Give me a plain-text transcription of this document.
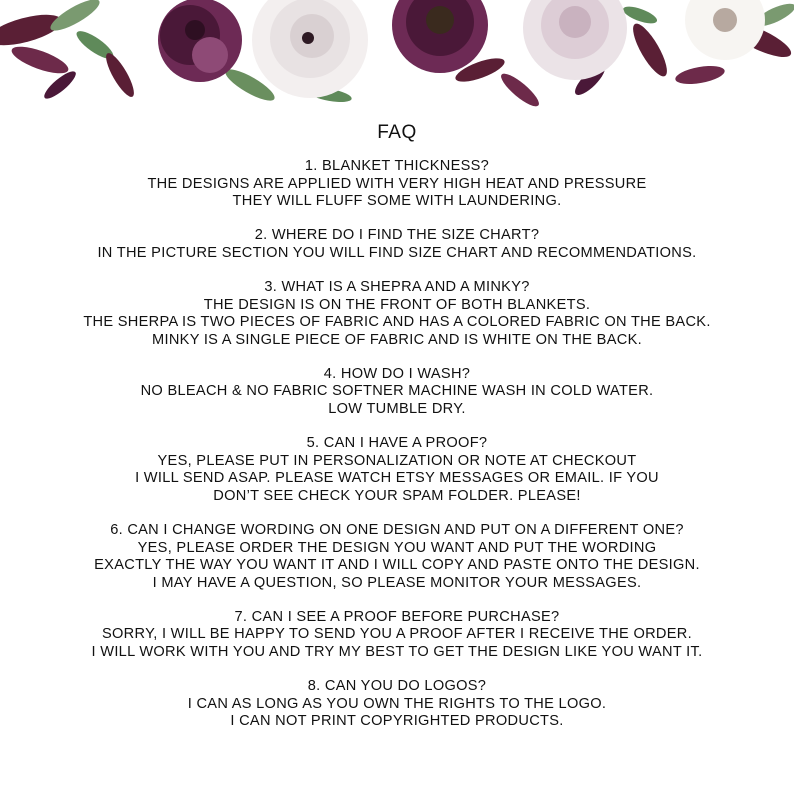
FAQ
1. BLANKET THICKNESS?
THE DESIGNS ARE APPLIED WITH VERY HIGH HEAT AND PRESSURE
THEY WILL FLUFF SOME WITH LAUNDERING.
2. WHERE DO I FIND THE SIZE CHART?
IN THE PICTURE SECTION YOU WILL FIND SIZE CHART AND RECOMMENDATIONS.
3. WHAT IS A SHEPRA AND A MINKY?
THE DESIGN IS ON THE FRONT OF BOTH BLANKETS.
THE SHERPA IS TWO PIECES OF FABRIC AND HAS A COLORED FABRIC ON THE BACK.
MINKY IS A SINGLE PIECE OF FABRIC AND IS WHITE ON THE BACK.
4. HOW DO I WASH?
NO BLEACH & NO FABRIC SOFTNER MACHINE WASH IN COLD WATER.
LOW TUMBLE DRY.
5. CAN I HAVE A PROOF?
YES, PLEASE PUT IN PERSONALIZATION OR NOTE AT CHECKOUT
I WILL SEND ASAP. PLEASE WATCH ETSY MESSAGES OR EMAIL. IF YOU
DON’T SEE CHECK YOUR SPAM FOLDER. PLEASE!
6. CAN I CHANGE WORDING ON ONE DESIGN AND PUT ON A DIFFERENT ONE?
YES, PLEASE ORDER THE DESIGN YOU WANT AND PUT THE WORDING
EXACTLY THE WAY YOU WANT IT AND I WILL COPY AND PASTE ONTO THE DESIGN.
I MAY HAVE A QUESTION, SO PLEASE MONITOR YOUR MESSAGES.
7. CAN I SEE A PROOF BEFORE PURCHASE?
SORRY, I WILL BE HAPPY TO SEND YOU A PROOF AFTER I RECEIVE THE ORDER.
I WILL WORK WITH YOU AND TRY MY BEST TO GET THE DESIGN LIKE YOU WANT IT.
8. CAN YOU DO LOGOS?
I CAN AS LONG AS YOU OWN THE RIGHTS TO THE LOGO.
I CAN NOT PRINT COPYRIGHTED PRODUCTS.
